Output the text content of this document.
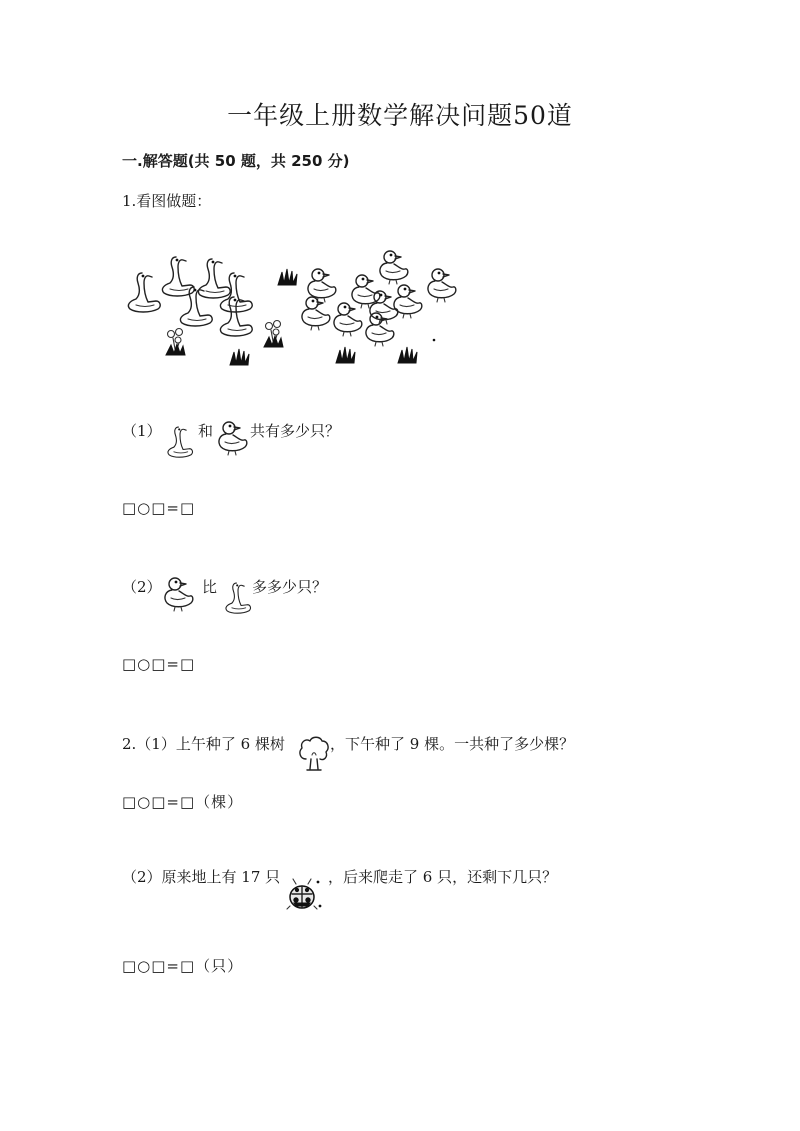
一年级上册数学解决问题50道
一.解答题(共 50 题，共 250 分)
1.看图做题：
（1） 和 共有多少只？
□○□=□
（2）	比 多多少只？
□○□=□
2.（1）上午种了 6 棵树	，下午种了 9 棵。一共种了多少棵？
□○□=□（棵）
（2）原来地上有 17 只	，后来爬走了 6 只，还剩下几只？
□○□=□（只）
